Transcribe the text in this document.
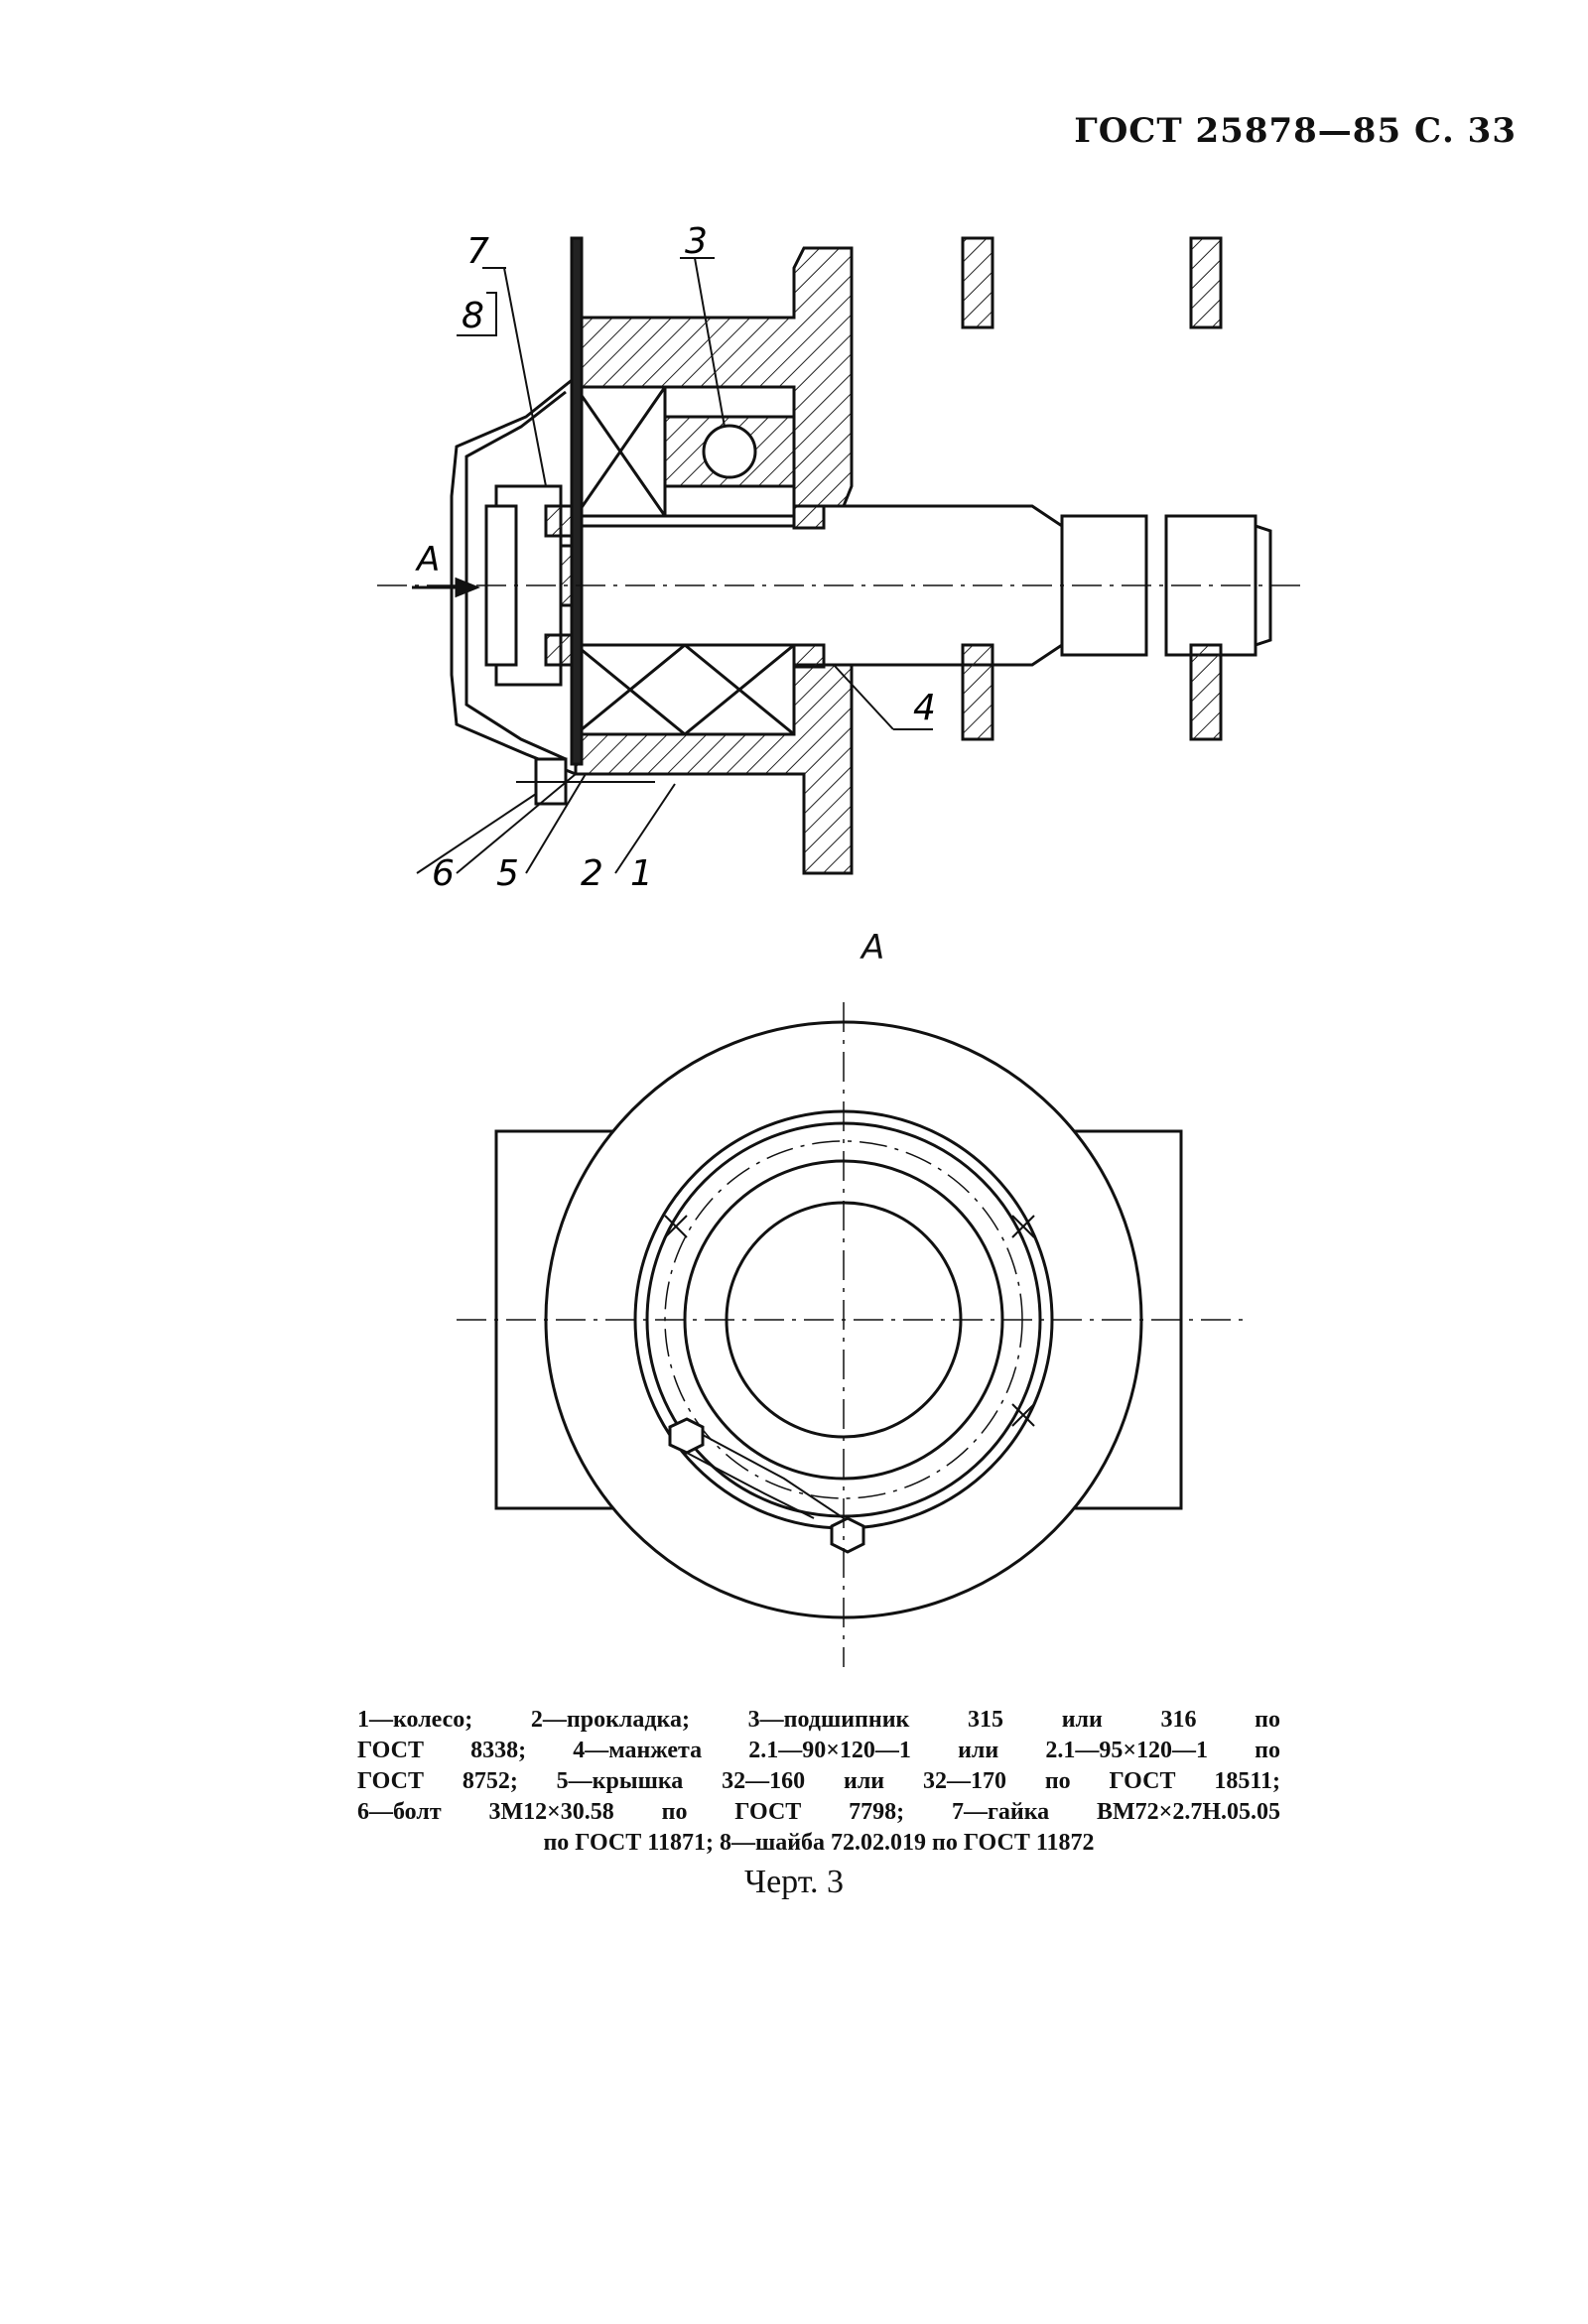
ГОСТ 25878—85 С. 33
А
7
8
3
4
6 5 2 1
А
1—колесо; 2—прокладка; 3—подшипник 315 или 316 по
ГОСТ 8338; 4—манжета 2.1—90×120—1 или 2.1—95×120—1 по
ГОСТ 8752; 5—крышка 32—160 или 32—170 по ГОСТ 18511;
6—болт 3М12×30.58 по ГОСТ 7798; 7—гайка ВМ72×2.7Н.05.05
по ГОСТ 11871; 8—шайба 72.02.019 по ГОСТ 11872
Черт. 3
